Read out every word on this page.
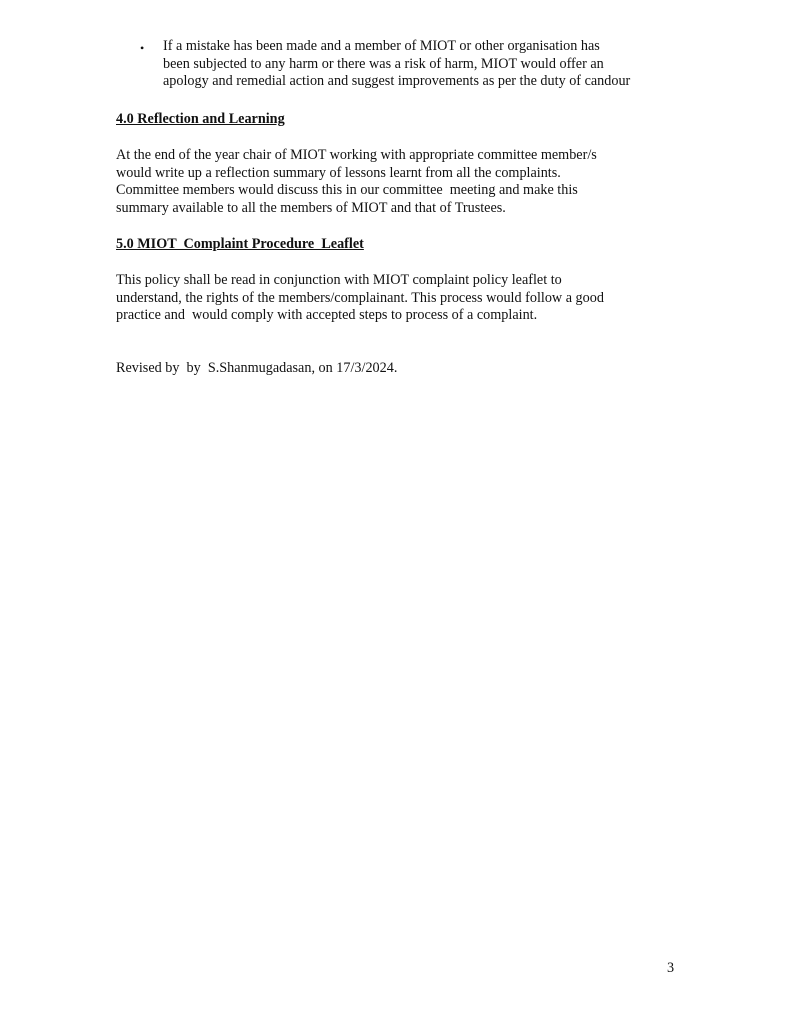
• If a mistake has been made and a member of MIOT or other organisation has
been subjected to any harm or there was a risk of harm, MIOT would offer an
apology and remedial action and suggest improvements as per the duty of candour
4.0 Reflection and Learning
At the end of the year chair of MIOT working with appropriate committee member/s
would write up a reflection summary of lessons learnt from all the complaints.
Committee members would discuss this in our committee  meeting and make this
summary available to all the members of MIOT and that of Trustees.
5.0 MIOT  Complaint Procedure  Leaflet
This policy shall be read in conjunction with MIOT complaint policy leaflet to
understand, the rights of the members/complainant. This process would follow a good
practice and  would comply with accepted steps to process of a complaint.
Revised by  by  S.Shanmugadasan, on 17/3/2024.
3
